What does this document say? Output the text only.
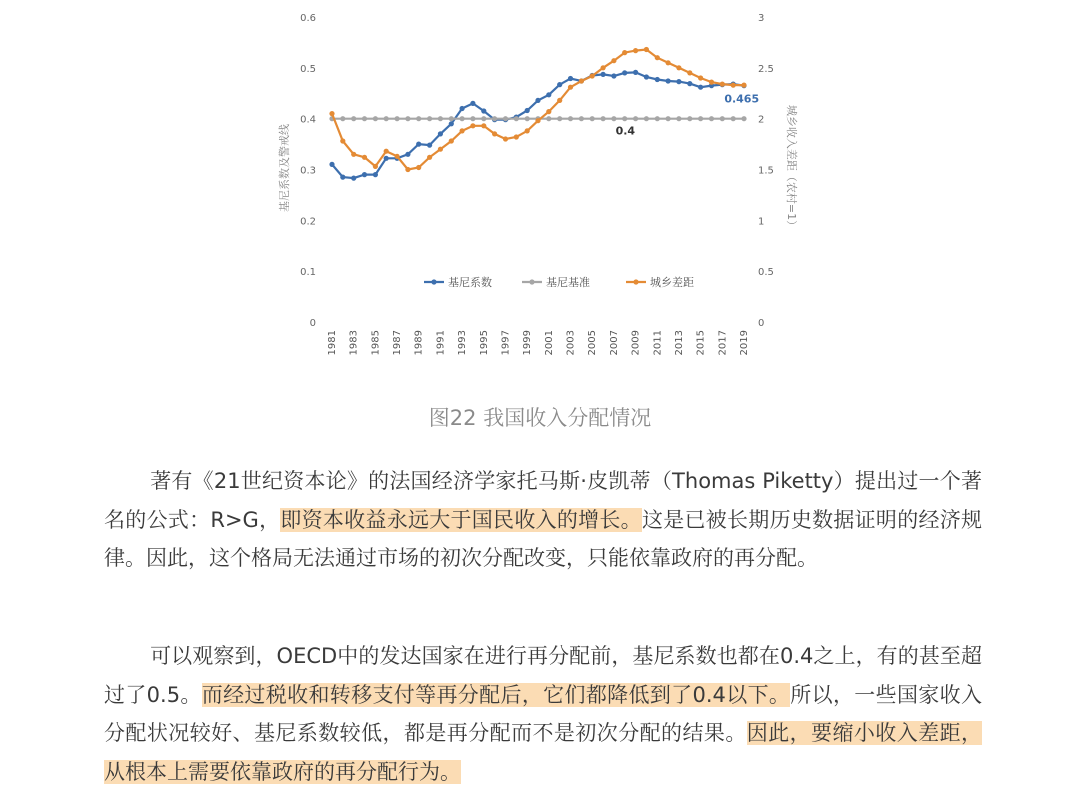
0
0.1
0.2
0.3
0.4
0.5
0.6
0
0.5
1
1.5
2
2.5
3
1981 1983 1985 1987 1989 1991 1993 1995 1997 1999 2001 2003 2005 2007 2009 2011 2013 2015 2017 2019
基尼系数	基尼基准	城乡差距
0.4
0.465
基尼系数及警戒线	城乡收入差距（农村=1）
图22 我国收入分配情况
著有《21世纪资本论》的法国经济学家托马斯·皮凯蒂（Thomas Piketty）提出过一个著名的公式：R>G，即资本收益永远大于国民收入的增长。这是已被长期历史数据证明的经济规律。因此，这个格局无法通过市场的初次分配改变，只能依靠政府的再分配。
可以观察到，OECD中的发达国家在进行再分配前，基尼系数也都在0.4之上，有的甚至超过了0.5。而经过税收和转移支付等再分配后，它们都降低到了0.4以下。所以，一些国家收入分配状况较好、基尼系数较低，都是再分配而不是初次分配的结果。因此，要缩小收入差距，从根本上需要依靠政府的再分配行为。
